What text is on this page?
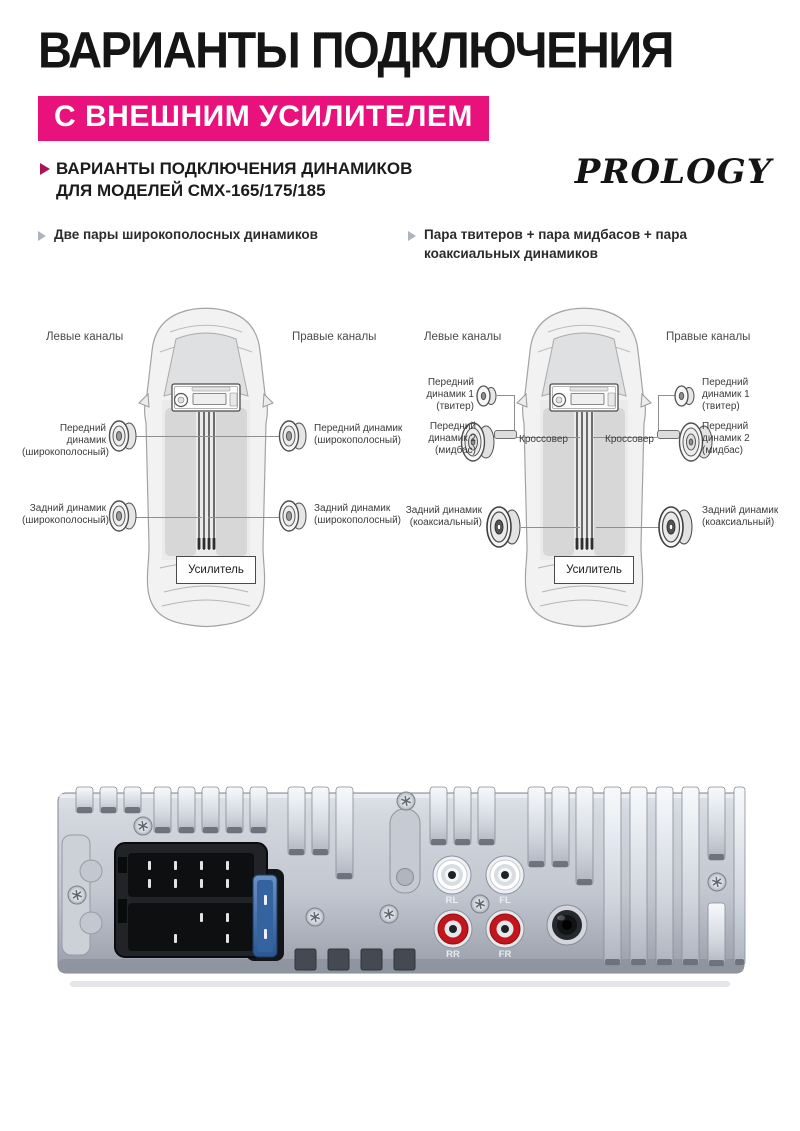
ВАРИАНТЫ ПОДКЛЮЧЕНИЯ
С ВНЕШНИМ УСИЛИТЕЛЕМ
ВАРИАНТЫ ПОДКЛЮЧЕНИЯ ДИНАМИКОВ
ДЛЯ МОДЕЛЕЙ СМХ-165/175/185	PROLOGY
Две пары широкополосных динамиков	Пара твитеров + пара мидбасов + пара коаксиальных динамиков
Левые каналы	Правые каналы
Передний динамик (широкополосный)
Задний динамик (широкополосный)
Передний динамик (широкополосный)
Задний динамик (широкополосный)
Усилитель
Левые каналы	Правые каналы
Кроссовер	Кроссовер
Передний динамик 1 (твитер)
Передний динамик 2 (мидбас)
Задний динамик (коаксиальный)
Передний динамик 1 (твитер)
Передний динамик 2 (мидбас)
Задний динамик (коаксиальный)
Усилитель
RL	FL
RR	FR
